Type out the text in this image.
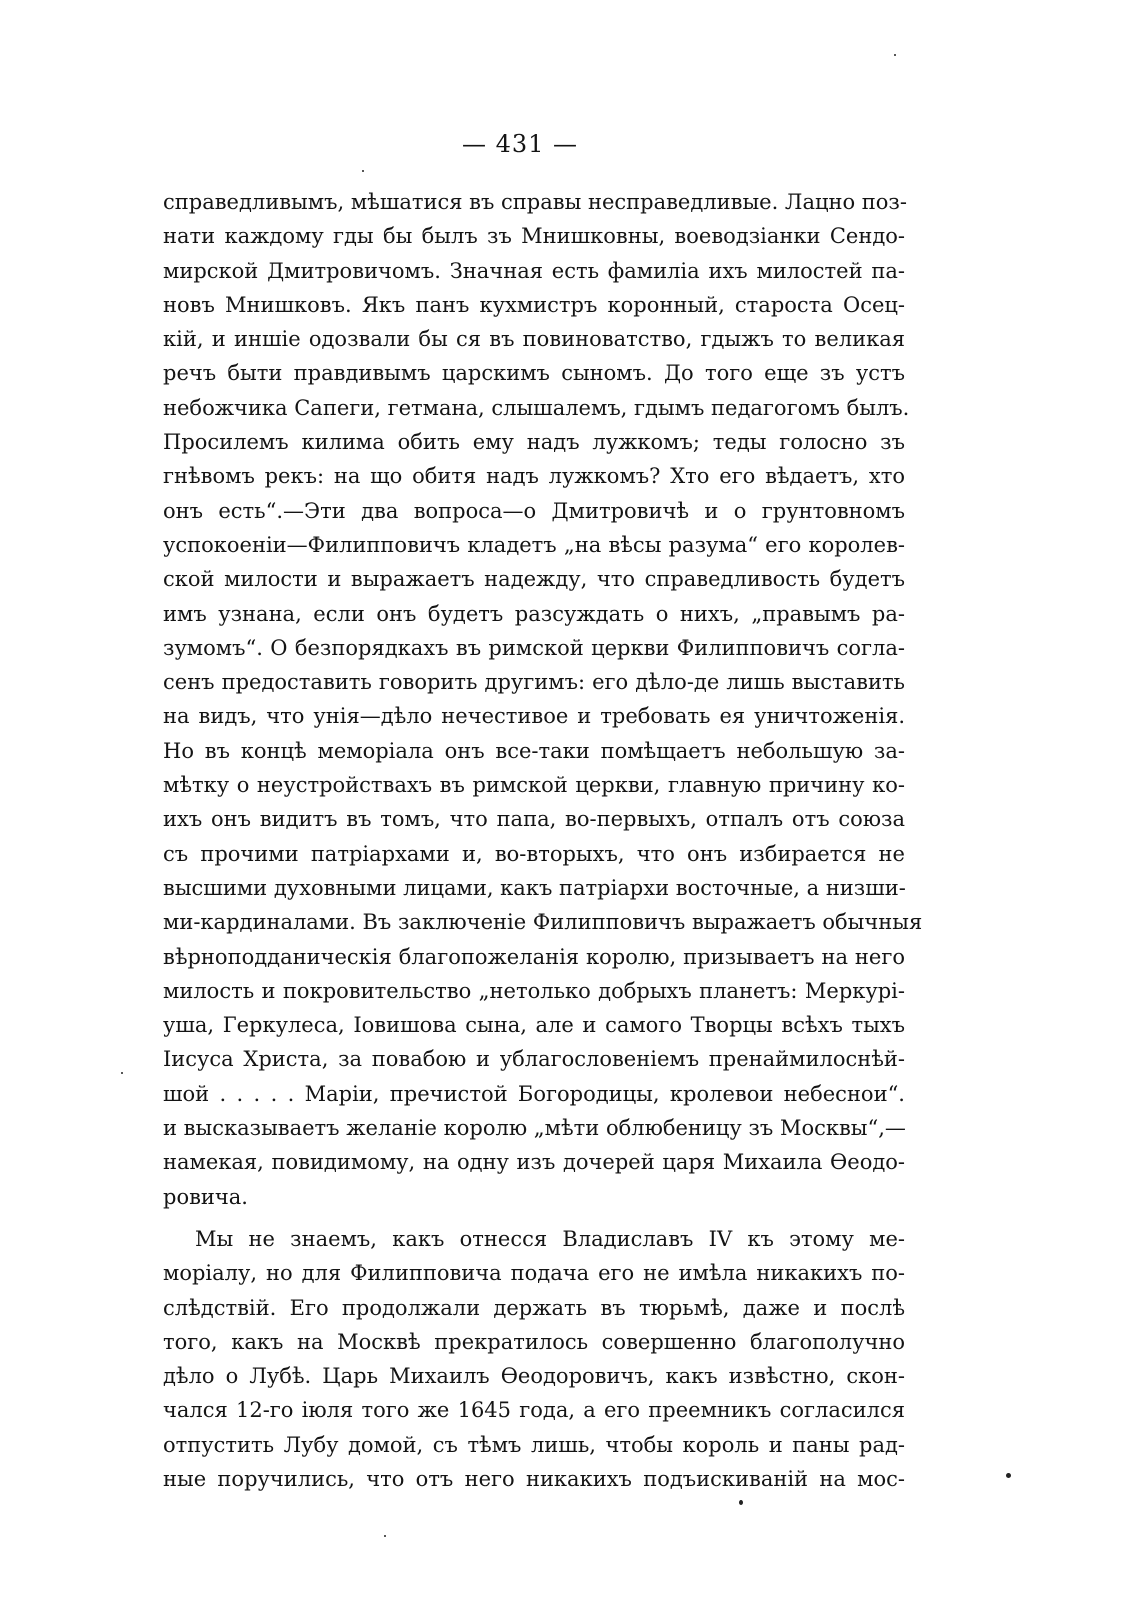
— 431 —
справедливымъ, мѣшатися въ справы несправедливые. Лацно поз-
нати каждому гды бы былъ зъ Мнишковны, воеводзiанки Сендо-
мирской Дмитровичомъ. Значная есть фамилiа ихъ милостей па-
новъ Мнишковъ. Якъ панъ кухмистръ коронный, староста Осец-
кiй, и иншiе одозвали бы ся въ повиноватство, гдыжъ то великая
речъ быти правдивымъ царскимъ сыномъ. До того еще зъ устъ
небожчика Сапеги, гетмана, слышалемъ, гдымъ педагогомъ былъ.
Просилемъ килима обить ему надъ лужкомъ; теды голосно зъ
гнѣвомъ рекъ: на що обитя надъ лужкомъ? Хто его вѣдаетъ, хто
онъ есть“.—Эти два вопроса—о Дмитровичѣ и о грунтовномъ
успокоенiи—Филипповичъ кладетъ „на вѣсы разума“ его королев-
ской милости и выражаетъ надежду, что справедливость будетъ
имъ узнана, если онъ будетъ разсуждать о нихъ, „правымъ ра-
зумомъ“. О безпорядкахъ въ римской церкви Филипповичъ согла-
сенъ предоставить говорить другимъ: его дѣло-де лишь выставить
на видъ, что унiя—дѣло нечестивое и требовать ея уничтоженiя.
Но въ концѣ меморiала онъ все-таки помѣщаетъ небольшую за-
мѣтку о неустройствахъ въ римской церкви, главную причину ко-
ихъ онъ видитъ въ томъ, что папа, во-первыхъ, отпалъ отъ союза
съ прочими патрiархами и, во-вторыхъ, что онъ избирается не
высшими духовными лицами, какъ патрiархи восточные, а низши-
ми-кардиналами. Въ заключенiе Филипповичъ выражаетъ обычныя
вѣрноподданическiя благопожеланiя королю, призываетъ на него
милость и покровительство „нетолько добрыхъ планетъ: Меркурi-
уша, Геркулеса, Iовишова сына, але и самого Творцы всѣхъ тыхъ
Iисуса Христа, за повабою и ублагословенiемъ пренаймилоснѣй-
шой . . . . . Марiи, пречистой Богородицы, кролевои небеснои“.
и высказываетъ желанiе королю „мѣти облюбеницу зъ Москвы“,—
намекая, повидимому, на одну изъ дочерей царя Михаила Өеодо-
ровича.
Мы не знаемъ, какъ отнесся Владиславъ IV къ этому ме-
морiалу, но для Филипповича подача его не имѣла никакихъ по-
слѣдствiй. Его продолжали держать въ тюрьмѣ, даже и послѣ
того, какъ на Москвѣ прекратилось совершенно благополучно
дѣло о Лубѣ. Царь Михаилъ Өеодоровичъ, какъ извѣстно, скон-
чался 12-го iюля того же 1645 года, а его преемникъ согласился
отпустить Лубу домой, съ тѣмъ лишь, чтобы король и паны рад-
ные поручились, что отъ него никакихъ подъискиванiй на мос-
